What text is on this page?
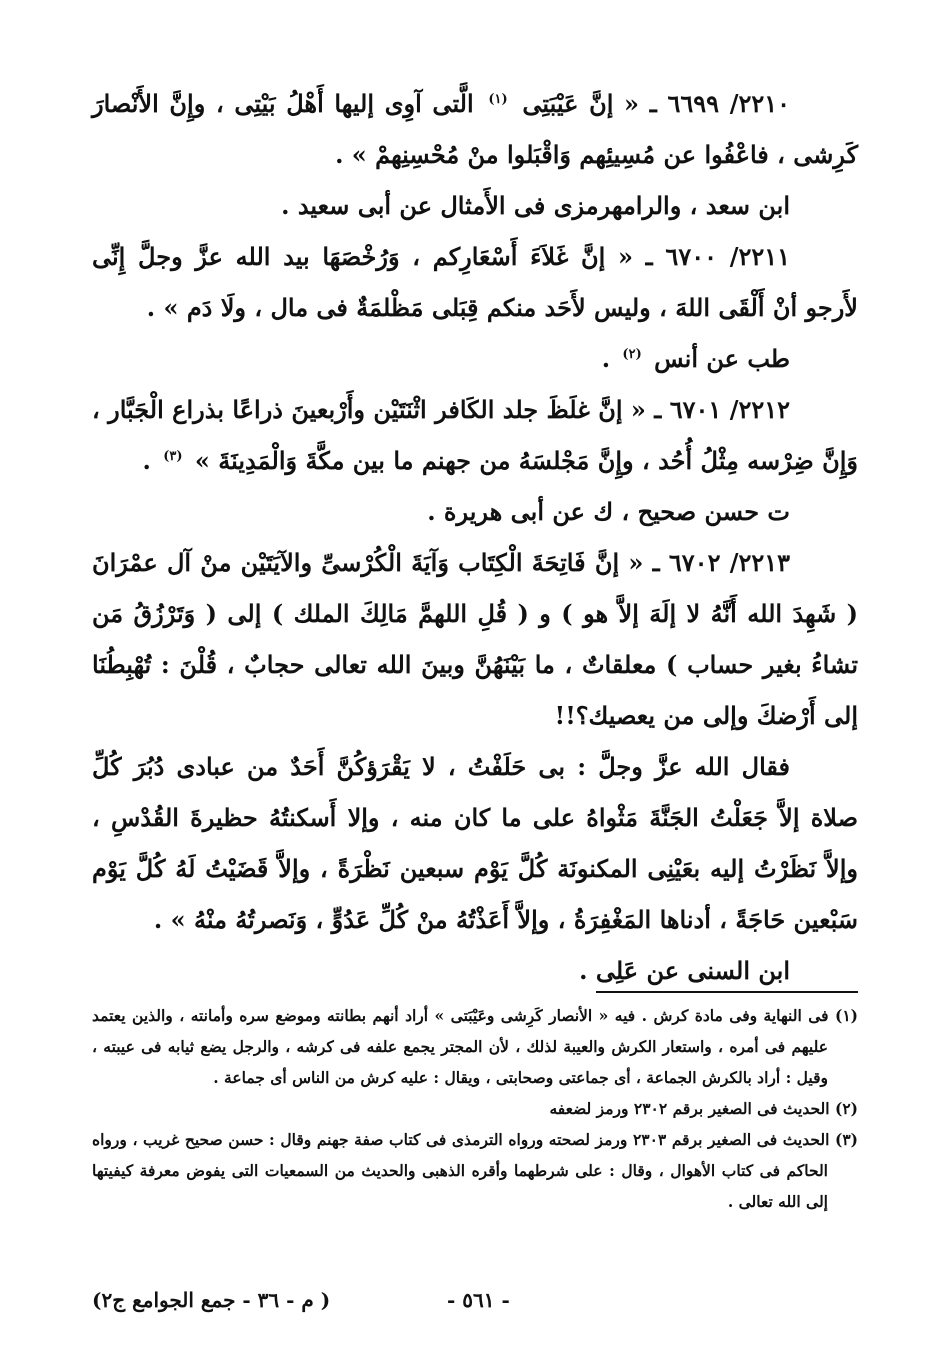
٢٢١٠/ ٦٦٩٩ ـ « إنَّ عَيْبَتِى $^{(١)}$ الَّتى آوِى إليها أَهْلُ بَيْتِى ، وإِنَّ الأَنْصارَ كَرِشى ، فاعْفُوا عن مُسِيئِهم وَاقْبَلوا منْ مُحْسِنِهمْ » .

ابن سعد ، والرامهرمزى فى الأَمثال عن أبى سعيد .

٢٢١١/ ٦٧٠٠ ـ « إنَّ غَلاَءَ أَسْعَارِكم ، وَرُخْصَهَا بيد الله عزَّ وجلَّ إِنِّى لأَرجو أنْ أَلْقَى اللهَ ، وليس لأَحَد منكم قِبَلى مَظْلمَةٌ فى مال ، ولَا دَم » .

طب عن أنس $^{(٢)}$ .

٢٢١٢/ ٦٧٠١ ـ « إنَّ غلَظَ جلد الكَافر اثْنَتَيْن وأَرْبعينَ ذراعًا بذراع الْجَبَّار ، وَإِنَّ ضِرْسه مِثْلُ أُحُد ، وإِنَّ مَجْلسَهُ من جهنم ما بين مكَّةَ وَالْمَدِينَةَ » $^{(٣)}$ .

ت حسن صحيح ، ك عن أبى هريرة .

٢٢١٣/ ٦٧٠٢ ـ « إنَّ فَاتِحَةَ الْكِتَاب وَآيَةَ الْكُرْسىِّ والآيَتَيْن منْ آل عمْرَانَ ( شَهِدَ الله أَنَّهُ لا إلَهَ إلاَّ هو ) و ( قُلِ اللهمَّ مَالِكَ الملك ) إلى ( وَتَرْزُقُ مَن تشاءُ بغير حساب ) معلقاتٌ ، ما بَيْنَهُنَّ وبينَ الله تعالى حجابٌ ، قُلْنَ : تُهْبِطُنَا إلى أَرْضكَ وإلى من يعصيك؟!!

فقال الله عزَّ وجلَّ : بى حَلَفْتُ ، لا يَقْرَؤكُنَّ أَحَدٌ من عبادى دُبُرَ كُلِّ صلاة إلاَّ جَعَلْتُ الجَنَّةَ مَثْواهُ على ما كان منه ، وإلا أَسكنتُهُ حظيرةَ القُدْسِ ، وإلاَّ نَظَرْتُ إليه بعَيْنِى المكنونَة كُلَّ يَوْم سبعين نَظْرَةً ، وإلاَّ قَضَيْتُ لَهُ كُلَّ يَوْم سَبْعين حَاجَةً ، أدناها المَغْفِرَةُ ، وإلاَّ أَعَذْتُهُ منْ كُلِّ عَدُوٍّ ، وَنَصرتُهُ منْهُ » .

ابن السنى عن عَلِى .

(١) فى النهاية وفى مادة كرش . فيه « الأنصار كَرِشى وعَيْبَتى » أراد أنهم بطانته وموضع سره وأمانته ، والذين يعتمد عليهم فى أمره ، واستعار الكرش والعيبة لذلك ، لأن المجتر يجمع علفه فى كرشه ، والرجل يضع ثيابه فى عيبته ، وقيل : أراد بالكرش الجماعة ، أى جماعتى وصحابتى ، ويقال : عليه كرش من الناس أى جماعة .

(٢) الحديث فى الصغير برقم ٢٣٠٢ ورمز لضعفه

(٣) الحديث فى الصغير برقم ٢٣٠٣ ورمز لصحته ورواه الترمذى فى كتاب صفة جهنم وقال : حسن صحيح غريب ، ورواه الحاكم فى كتاب الأهوال ، وقال : على شرطهما وأقره الذهبى والحديث من السمعيات التى يفوض معرفة كيفيتها إلى الله تعالى .

- ٥٦١ -
( م - ٣٦ - جمع الجوامع ج٢)
